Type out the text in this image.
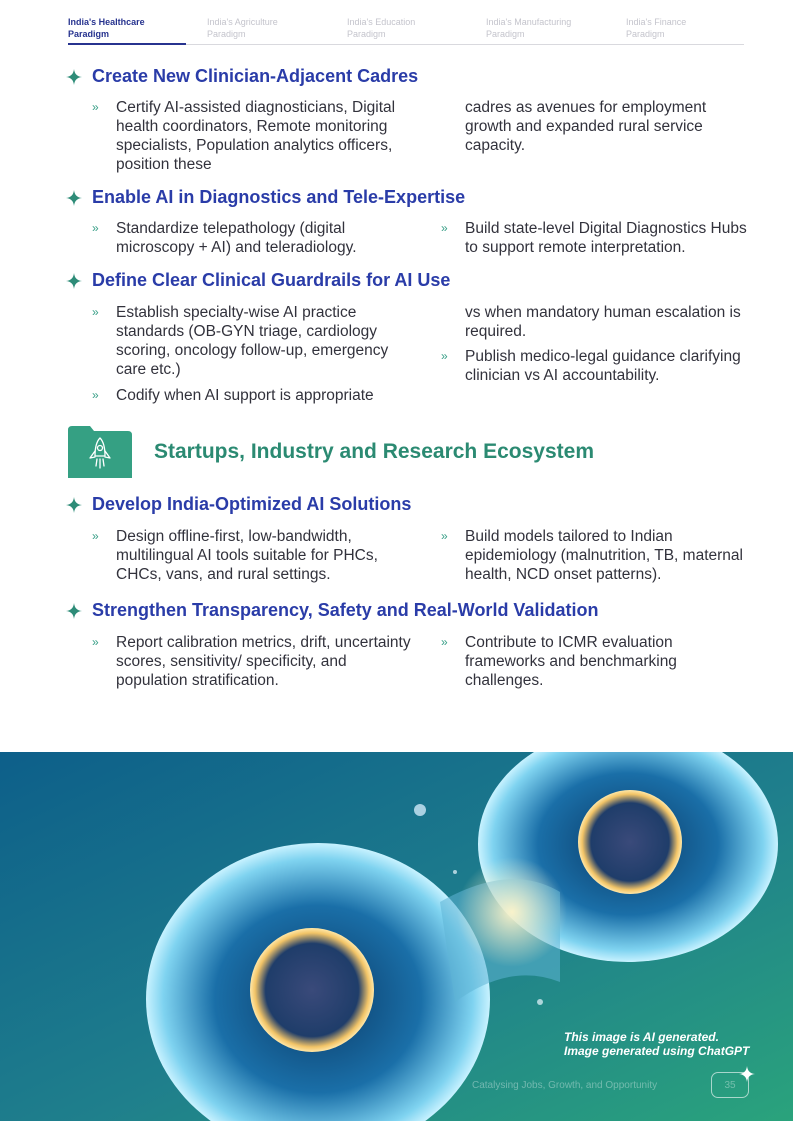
India's Healthcare
Paradigm
India's Agriculture
Paradigm
India's Education
Paradigm
India's Manufacturing
Paradigm
India's Finance
Paradigm
Create New Clinician-Adjacent Cadres
» Certify AI-assisted diagnosticians, Digital health coordinators, Remote monitoring specialists, Population analytics officers, position these
cadres as avenues for employment growth and expanded rural service capacity.
Enable AI in Diagnostics and Tele-Expertise
» Standardize telepathology (digital microscopy + AI) and teleradiology.
» Build state-level Digital Diagnostics Hubs to support remote interpretation.
Define Clear Clinical Guardrails for AI Use
» Establish specialty-wise AI practice standards (OB-GYN triage, cardiology scoring, oncology follow-up, emergency care etc.)
» Codify when AI support is appropriate
vs when mandatory human escalation is required.
» Publish medico-legal guidance clarifying clinician vs AI accountability.
Startups, Industry and Research Ecosystem
Develop India-Optimized AI Solutions
» Design offline-first, low-bandwidth, multilingual AI tools suitable for PHCs, CHCs, vans, and rural settings.
» Build models tailored to Indian epidemiology (malnutrition, TB, maternal health, NCD onset patterns).
Strengthen Transparency, Safety and Real-World Validation
» Report calibration metrics, drift, uncertainty scores, sensitivity/ specificity, and population stratification.
» Contribute to ICMR evaluation frameworks and benchmarking challenges.
This image is AI generated.
Image generated using ChatGPT
Catalysing Jobs, Growth, and Opportunity	35
